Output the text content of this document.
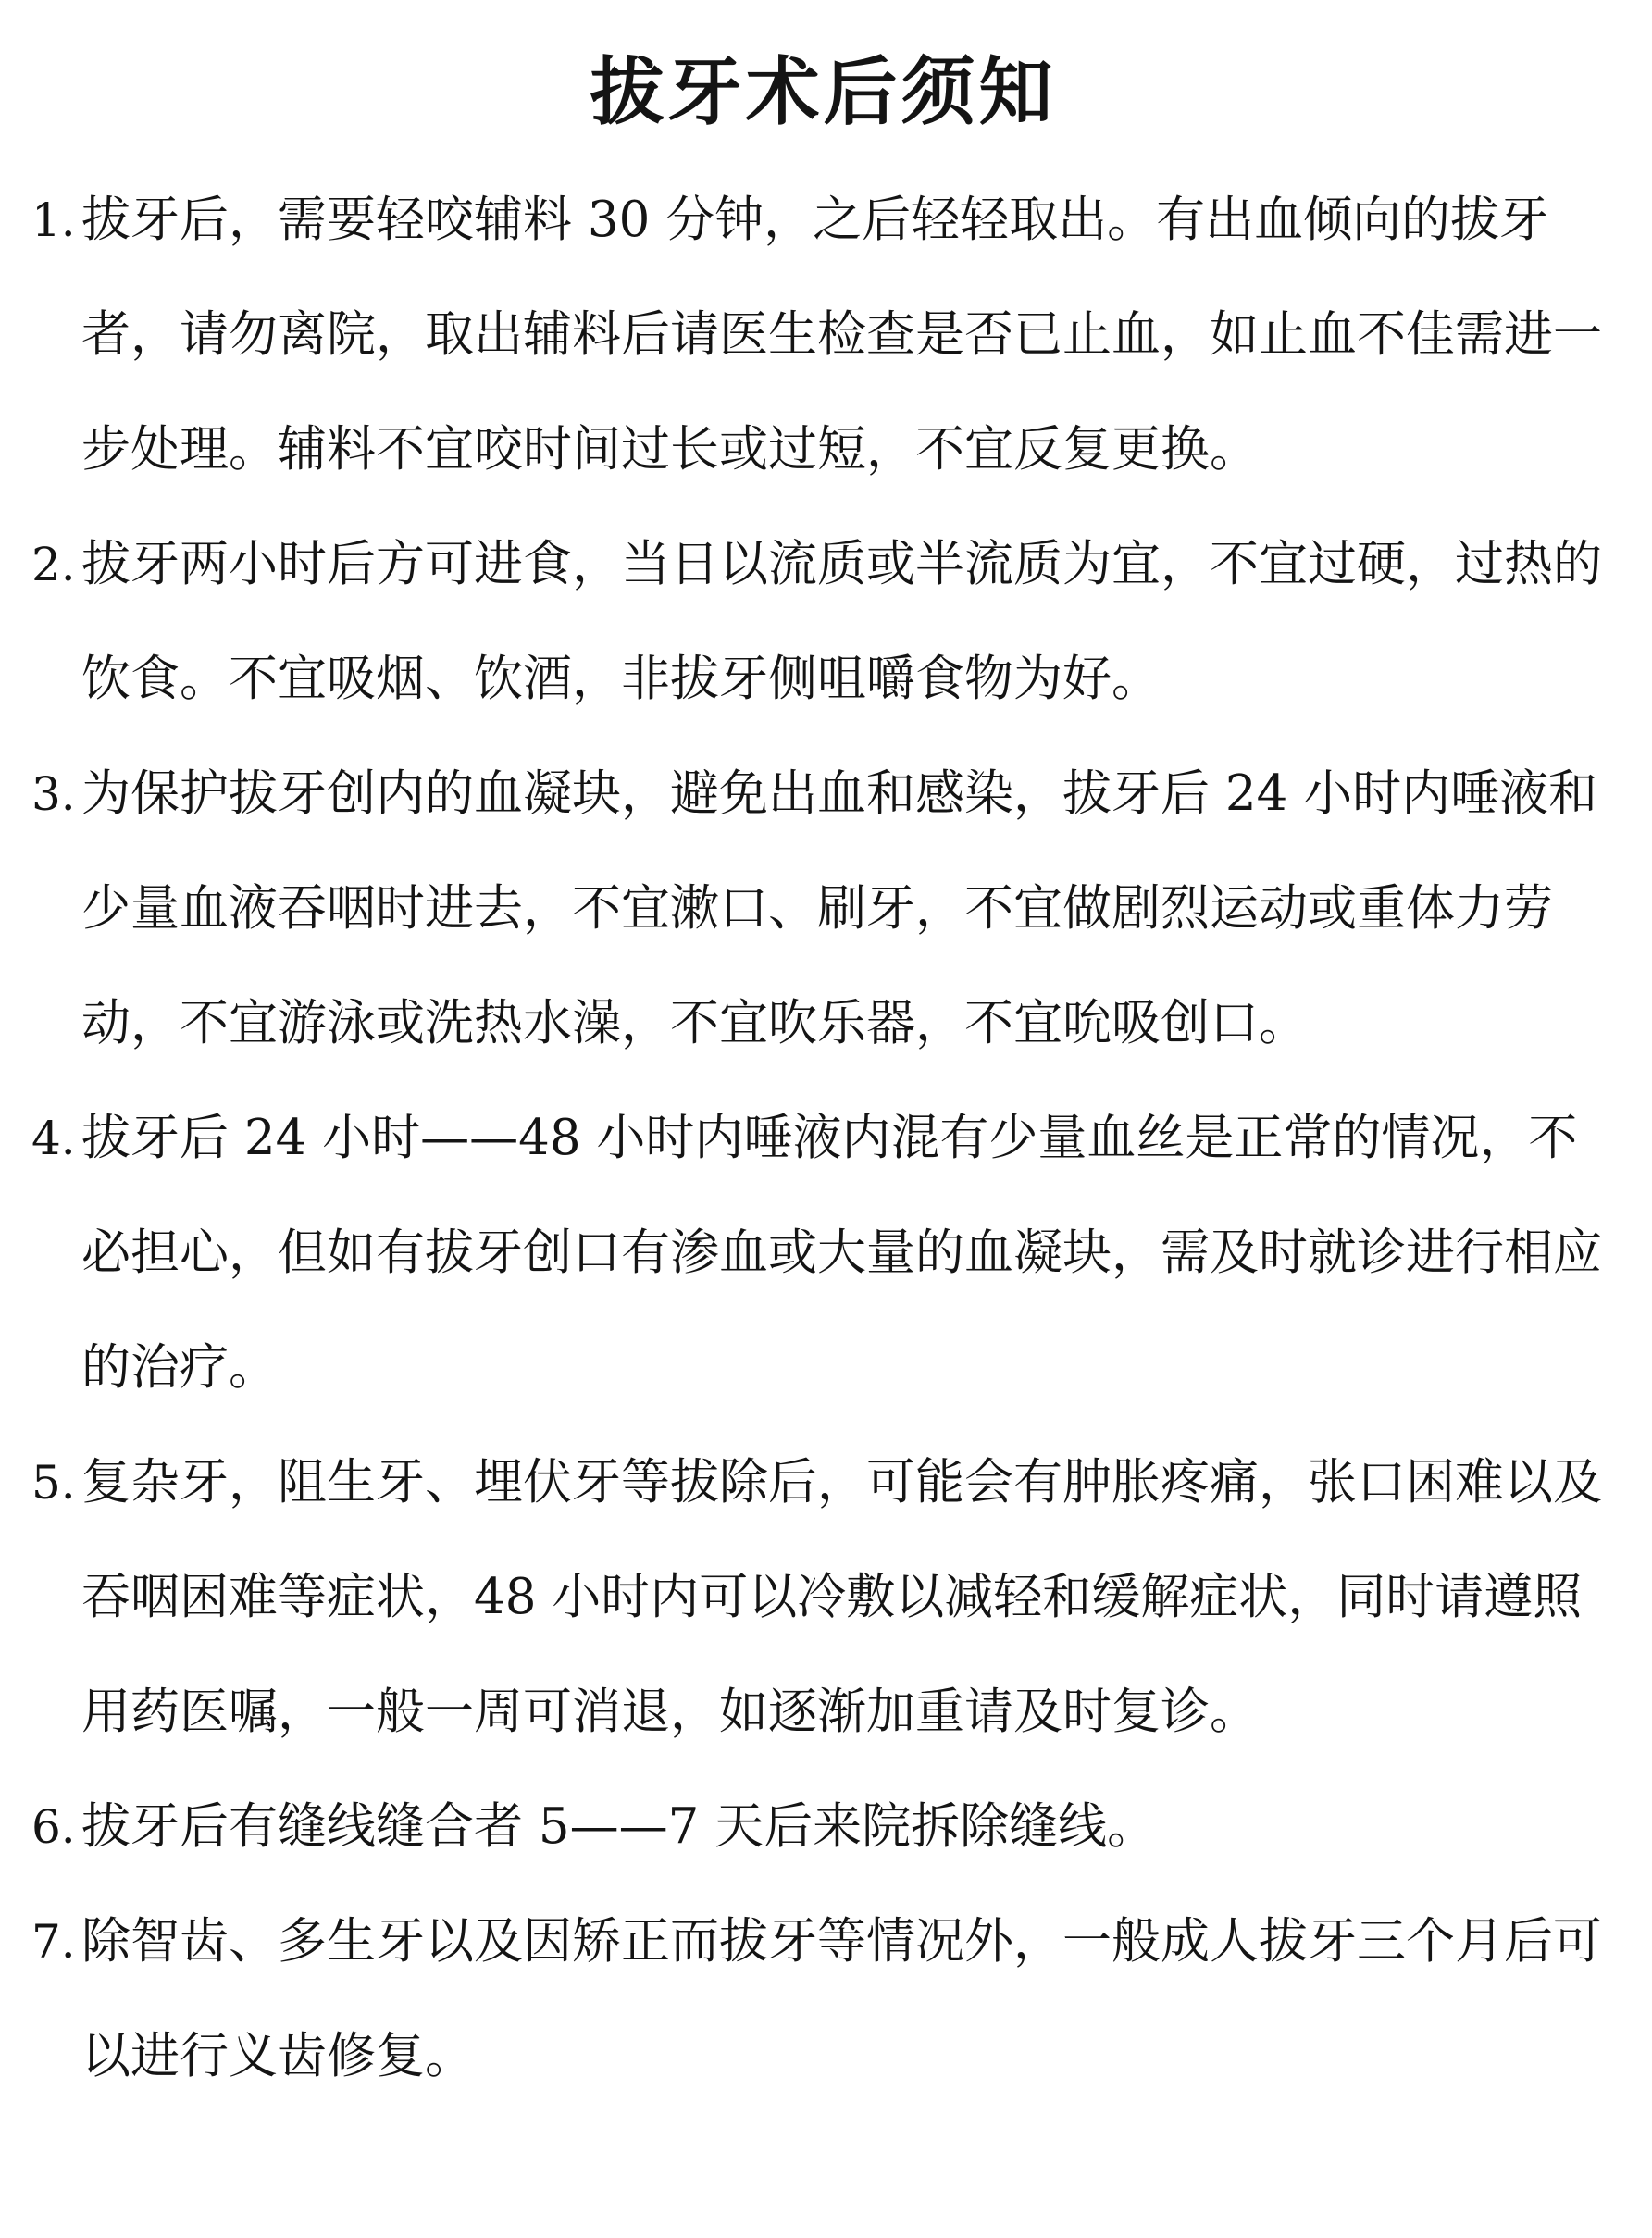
拔牙术后须知
1. 拔牙后，需要轻咬辅料 30 分钟，之后轻轻取出。有出血倾向的拔牙者，请勿离院，取出辅料后请医生检查是否已止血，如止血不佳需进一步处理。辅料不宜咬时间过长或过短，不宜反复更换。
2. 拔牙两小时后方可进食，当日以流质或半流质为宜，不宜过硬，过热的饮食。不宜吸烟、饮酒，非拔牙侧咀嚼食物为好。
3. 为保护拔牙创内的血凝块，避免出血和感染，拔牙后 24 小时内唾液和少量血液吞咽时进去，不宜漱口、刷牙，不宜做剧烈运动或重体力劳动，不宜游泳或洗热水澡，不宜吹乐器，不宜吮吸创口。
4. 拔牙后 24 小时——48 小时内唾液内混有少量血丝是正常的情况，不必担心，但如有拔牙创口有渗血或大量的血凝块，需及时就诊进行相应的治疗。
5. 复杂牙，阻生牙、埋伏牙等拔除后，可能会有肿胀疼痛，张口困难以及吞咽困难等症状，48 小时内可以冷敷以减轻和缓解症状，同时请遵照用药医嘱，一般一周可消退，如逐渐加重请及时复诊。
6. 拔牙后有缝线缝合者 5——7 天后来院拆除缝线。
7. 除智齿、多生牙以及因矫正而拔牙等情况外，一般成人拔牙三个月后可以进行义齿修复。
